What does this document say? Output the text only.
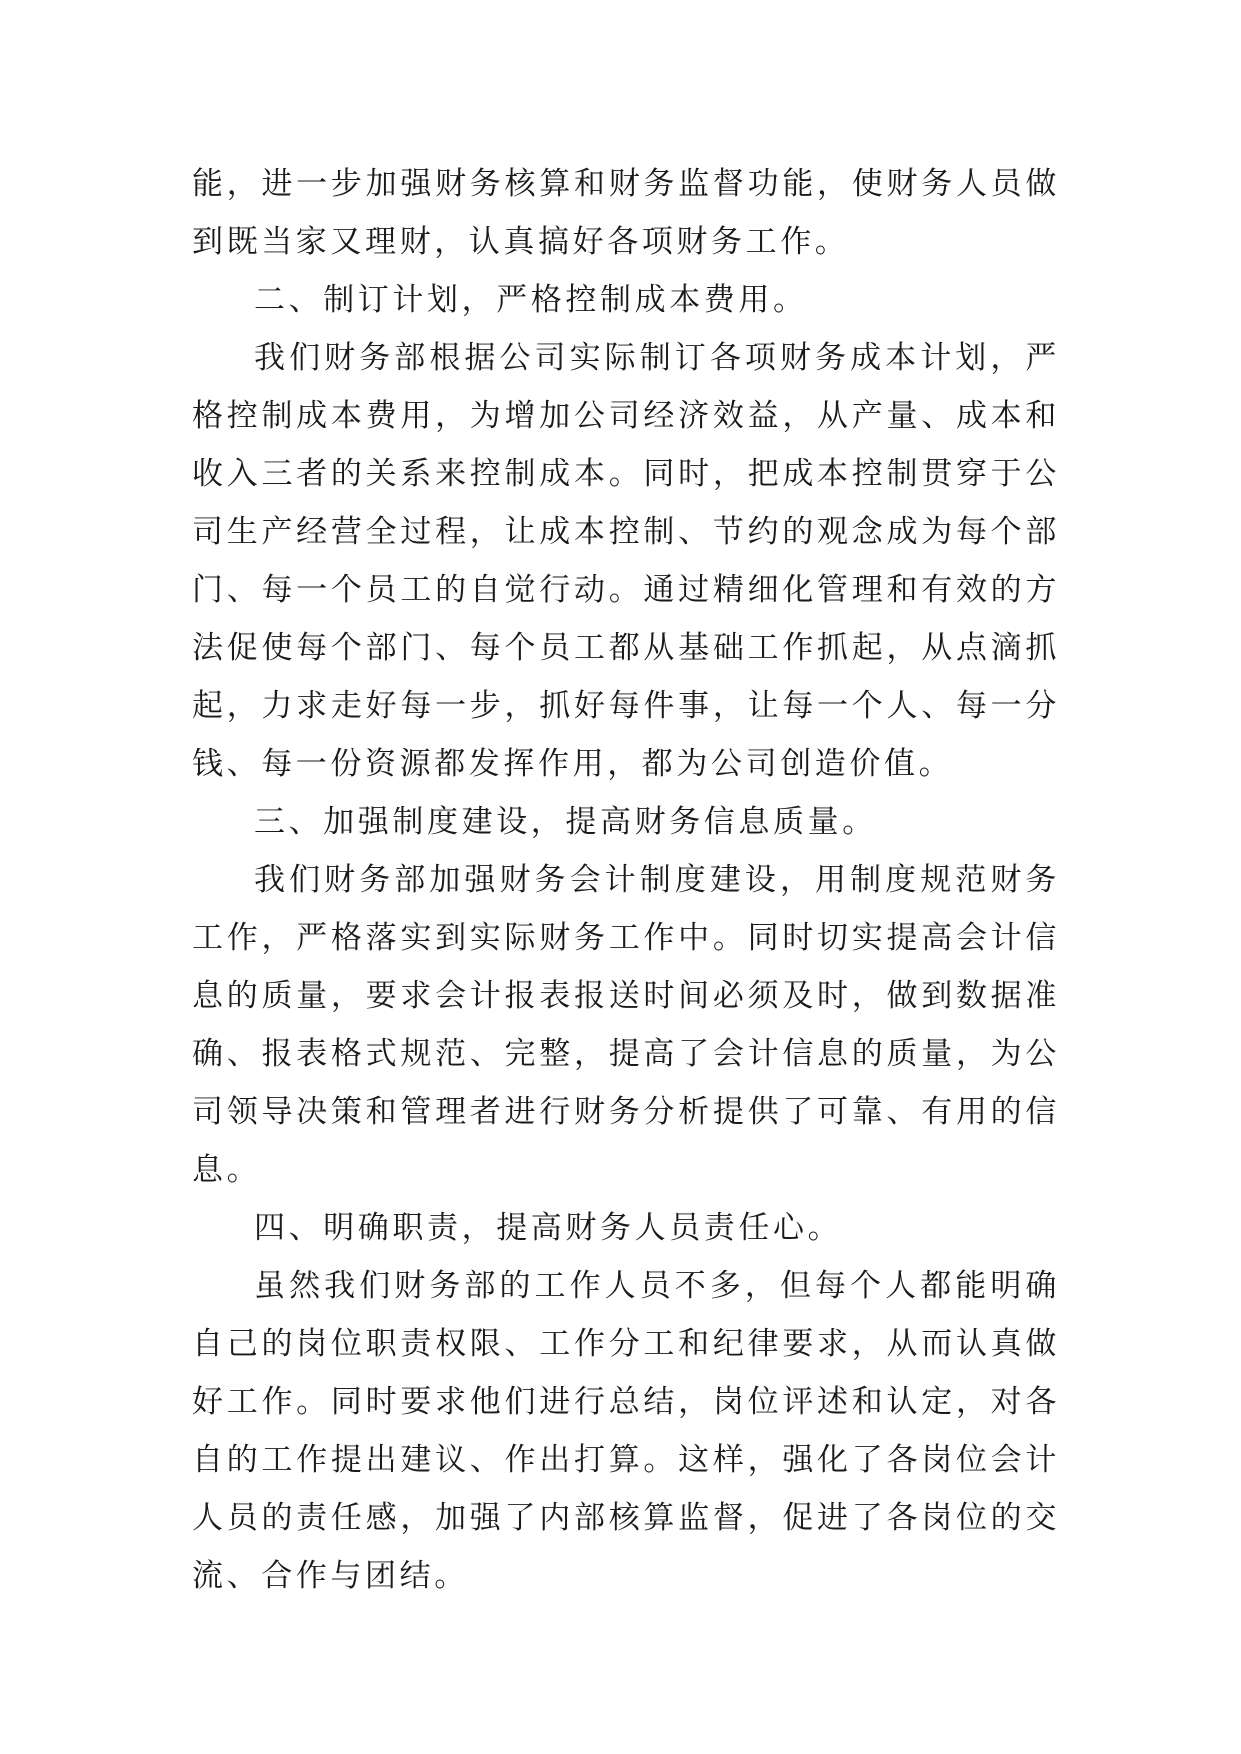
能，进一步加强财务核算和财务监督功能，使财务人员做到既当家又理财，认真搞好各项财务工作。

二、制订计划，严格控制成本费用。

我们财务部根据公司实际制订各项财务成本计划，严格控制成本费用，为增加公司经济效益，从产量、成本和收入三者的关系来控制成本。同时，把成本控制贯穿于公司生产经营全过程，让成本控制、节约的观念成为每个部门、每一个员工的自觉行动。通过精细化管理和有效的方法促使每个部门、每个员工都从基础工作抓起，从点滴抓起，力求走好每一步，抓好每件事，让每一个人、每一分钱、每一份资源都发挥作用，都为公司创造价值。

三、加强制度建设，提高财务信息质量。

我们财务部加强财务会计制度建设，用制度规范财务工作，严格落实到实际财务工作中。同时切实提高会计信息的质量，要求会计报表报送时间必须及时，做到数据准确、报表格式规范、完整，提高了会计信息的质量，为公司领导决策和管理者进行财务分析提供了可靠、有用的信息。

四、明确职责，提高财务人员责任心。

虽然我们财务部的工作人员不多，但每个人都能明确自己的岗位职责权限、工作分工和纪律要求，从而认真做好工作。同时要求他们进行总结，岗位评述和认定，对各自的工作提出建议、作出打算。这样，强化了各岗位会计人员的责任感，加强了内部核算监督，促进了各岗位的交流、合作与团结。
